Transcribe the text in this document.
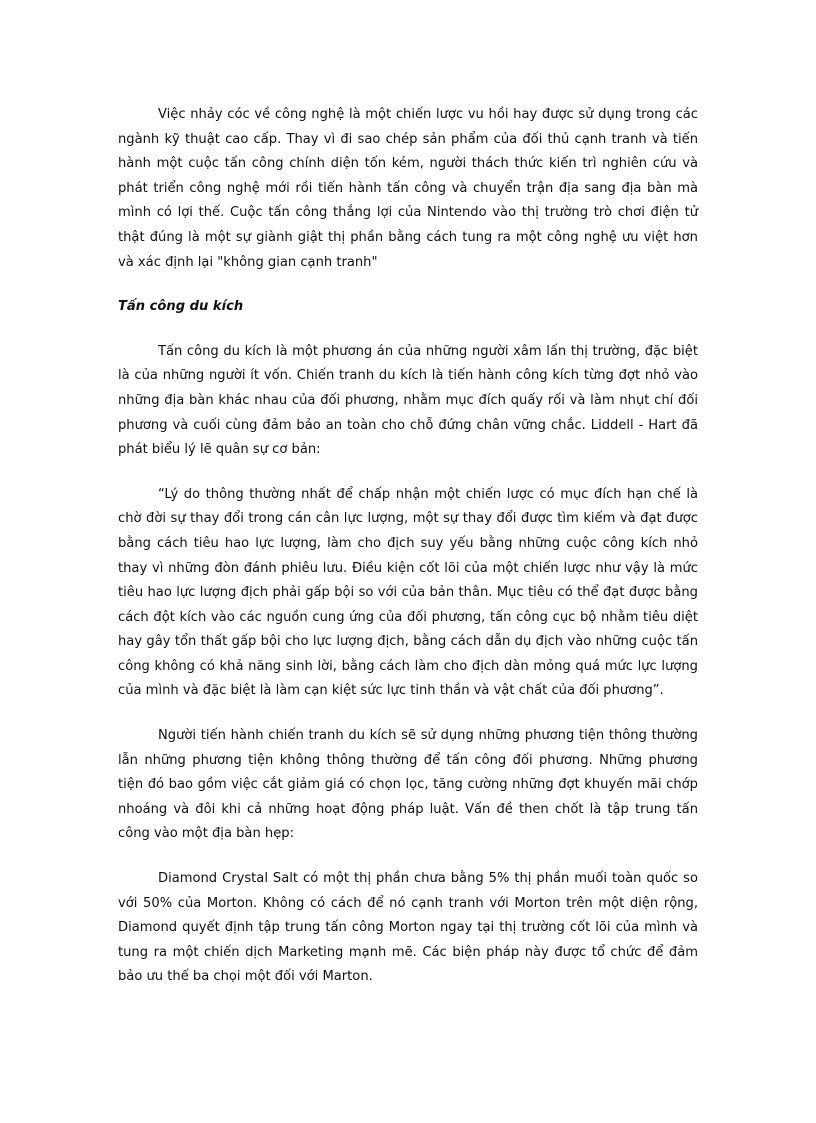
Việc nhảy cóc về công nghệ là một chiến lược vu hồi hay được sử dụng trong các ngành kỹ thuật cao cấp. Thay vì đi sao chép sản phẩm của đối thủ cạnh tranh và tiến hành một cuộc tấn công chính diện tốn kém, người thách thức kiến trì nghiên cứu và phát triển công nghệ mới rồi tiến hành tấn công và chuyển trận địa sang địa bàn mà mình có lợi thế. Cuộc tấn công thắng lợi của Nintendo vào thị trường trò chơi điện tử thật đúng là một sự giành giật thị phần bằng cách tung ra một công nghệ ưu việt hơn và xác định lại "không gian cạnh tranh"

Tấn công du kích

Tấn công du kích là một phương án của những người xâm lấn thị trường, đặc biệt là của những người ít vốn. Chiến tranh du kích là tiến hành công kích từng đợt nhỏ vào những địa bàn khác nhau của đối phương, nhằm mục đích quấy rối và làm nhụt chí đối phương và cuối cùng đảm bảo an toàn cho chỗ đứng chân vững chắc. Liddell - Hart đã phát biểu lý lẽ quân sự cơ bản:

“Lý do thông thường nhất để chấp nhận một chiến lược có mục đích hạn chế là chờ đời sự thay đổi trong cán cân lực lượng, một sự thay đổi được tìm kiếm và đạt được bằng cách tiêu hao lực lượng, làm cho địch suy yếu bằng những cuộc công kích nhỏ thay vì những đòn đánh phiêu lưu. Điều kiện cốt lõi của một chiến lược như vậy là mức tiêu hao lực lượng địch phải gấp bội so với của bản thân. Mục tiêu có thể đạt được bằng cách đột kích vào các nguồn cung ứng của đối phương, tấn công cục bộ nhằm tiêu diệt hay gây tổn thất gấp bội cho lực lượng địch, bằng cách dẫn dụ địch vào những cuộc tấn công không có khả năng sinh lời, bằng cách làm cho địch dàn mỏng quá mức lực lượng của mình và đặc biệt là làm cạn kiệt sức lực tinh thần và vật chất của đối phương”.

Người tiến hành chiến tranh du kích sẽ sử dụng những phương tiện thông thường lẫn những phương tiện không thông thường để tấn công đối phương. Những phương tiện đó bao gồm việc cắt giảm giá có chọn lọc, tăng cường những đợt khuyến mãi chớp nhoáng và đôi khi cả những hoạt động pháp luật. Vấn đề then chốt là tập trung tấn công vào một địa bàn hẹp:

Diamond Crystal Salt có một thị phần chưa bằng 5% thị phần muối toàn quốc so với 50% của Morton. Không có cách để nó cạnh tranh với Morton trên một diện rộng, Diamond quyết định tập trung tấn công Morton ngay tại thị trường cốt lõi của mình và tung ra một chiến dịch Marketing mạnh mẽ. Các biện pháp này được tổ chức để đảm bảo ưu thế ba chọi một đối với Marton.
